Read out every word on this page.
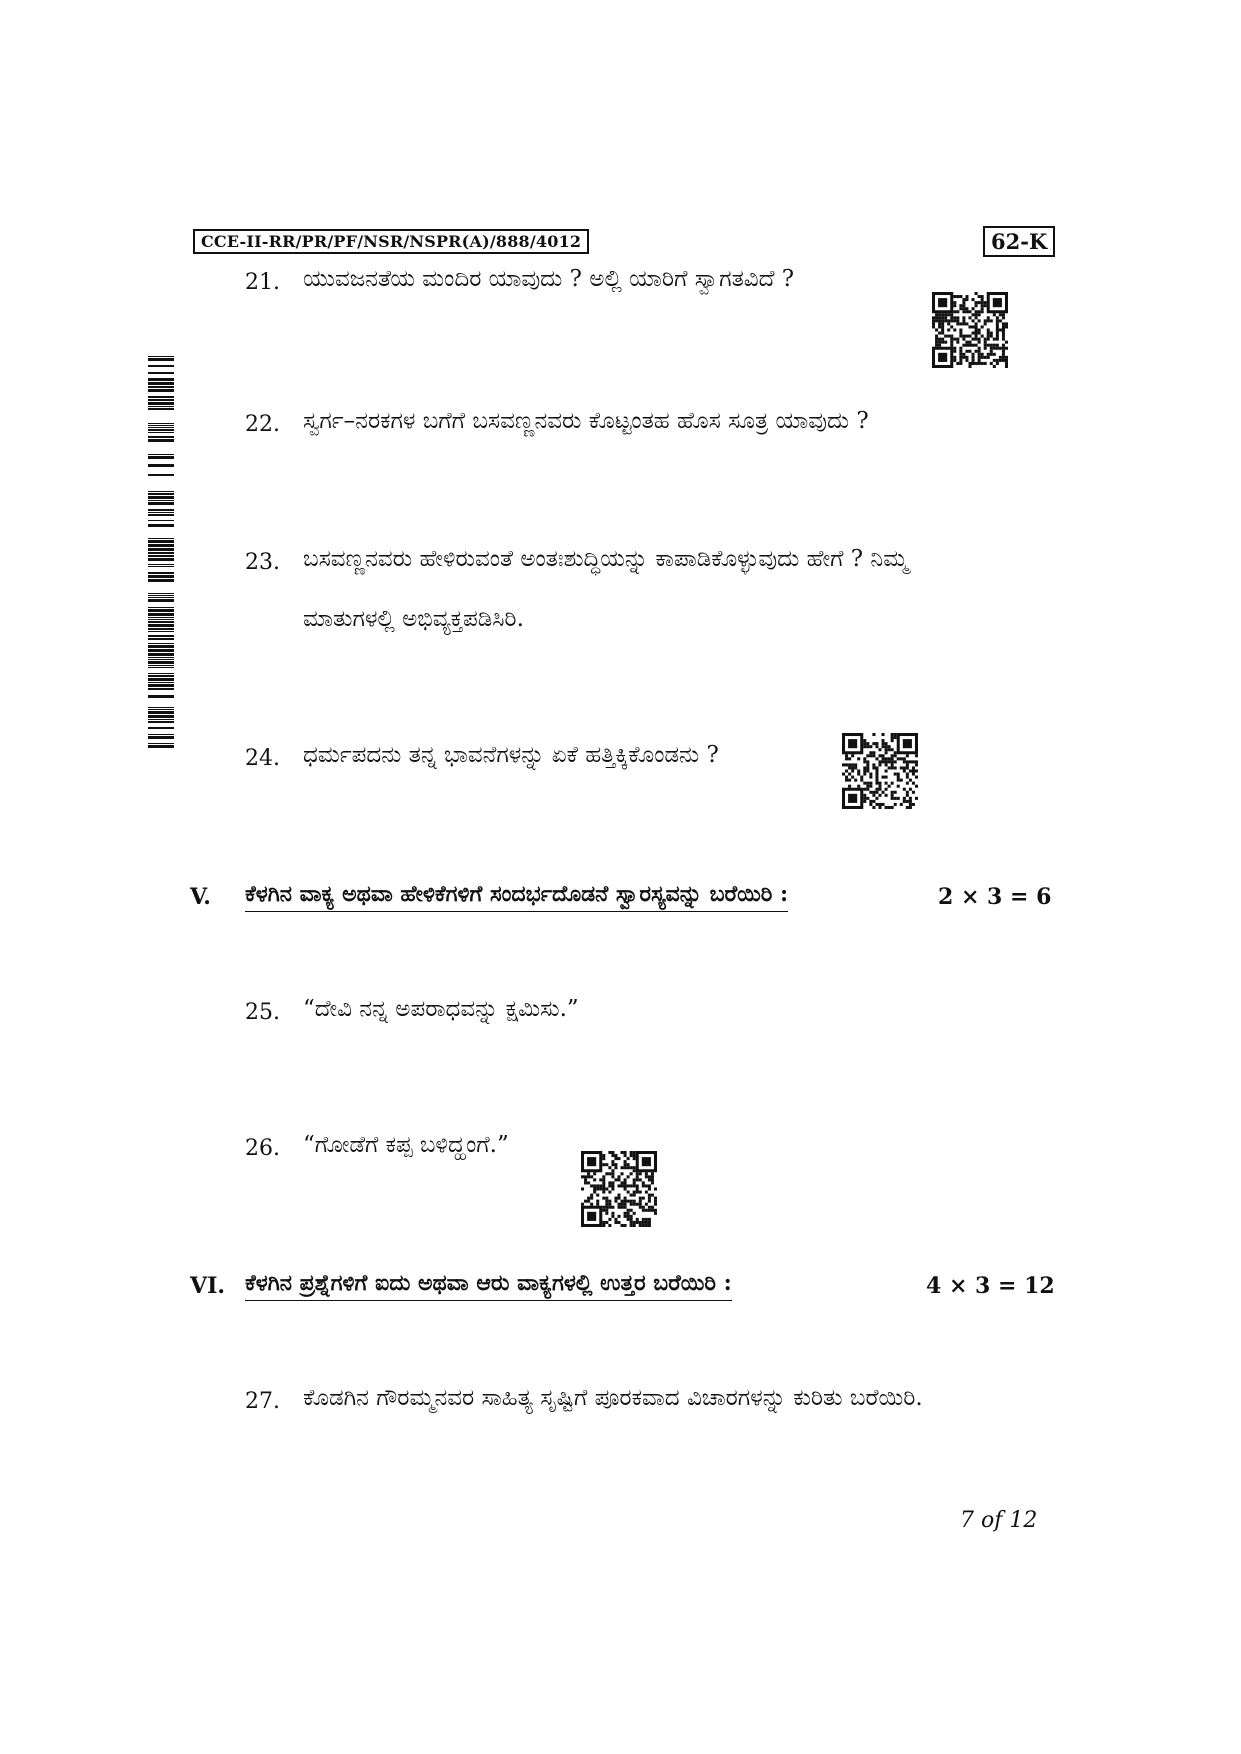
CCE-II-RR/PR/PF/NSR/NSPR(A)/888/4012	62-K
21. ಯುವಜನತೆಯ ಮಂದಿರ ಯಾವುದು ? ಅಲ್ಲಿ ಯಾರಿಗೆ ಸ್ವಾಗತವಿದೆ ?
22. ಸ್ವರ್ಗ–ನರಕಗಳ ಬಗೆಗೆ ಬಸವಣ್ಣನವರು ಕೊಟ್ಟಂತಹ ಹೊಸ ಸೂತ್ರ ಯಾವುದು ?
23. ಬಸವಣ್ಣನವರು ಹೇಳಿರುವಂತೆ ಅಂತಃಶುದ್ಧಿಯನ್ನು ಕಾಪಾಡಿಕೊಳ್ಳುವುದು ಹೇಗೆ ? ನಿಮ್ಮ
ಮಾತುಗಳಲ್ಲಿ ಅಭಿವ್ಯಕ್ತಪಡಿಸಿರಿ.
24. ಧರ್ಮಪದನು ತನ್ನ ಭಾವನೆಗಳನ್ನು ಏಕೆ ಹತ್ತಿಕ್ಕಿಕೊಂಡನು ?
V. ಕೆಳಗಿನ ವಾಕ್ಯ ಅಥವಾ ಹೇಳಿಕೆಗಳಿಗೆ ಸಂದರ್ಭದೊಡನೆ ಸ್ವಾರಸ್ಯವನ್ನು ಬರೆಯಿರಿ :	2 × 3 = 6
25. “ದೇವಿ ನನ್ನ ಅಪರಾಧವನ್ನು ಕ್ಷಮಿಸು.”
26. “ಗೋಡೆಗೆ ಕಪ್ಪ ಬಳಿದ್ಹಂಗೆ.”
VI. ಕೆಳಗಿನ ಪ್ರಶ್ನೆಗಳಿಗೆ ಐದು ಅಥವಾ ಆರು ವಾಕ್ಯಗಳಲ್ಲಿ ಉತ್ತರ ಬರೆಯಿರಿ :	4 × 3 = 12
27. ಕೊಡಗಿನ ಗೌರಮ್ಮನವರ ಸಾಹಿತ್ಯ ಸೃಷ್ಟಿಗೆ ಪೂರಕವಾದ ವಿಚಾರಗಳನ್ನು ಕುರಿತು ಬರೆಯಿರಿ.
7 of 12
